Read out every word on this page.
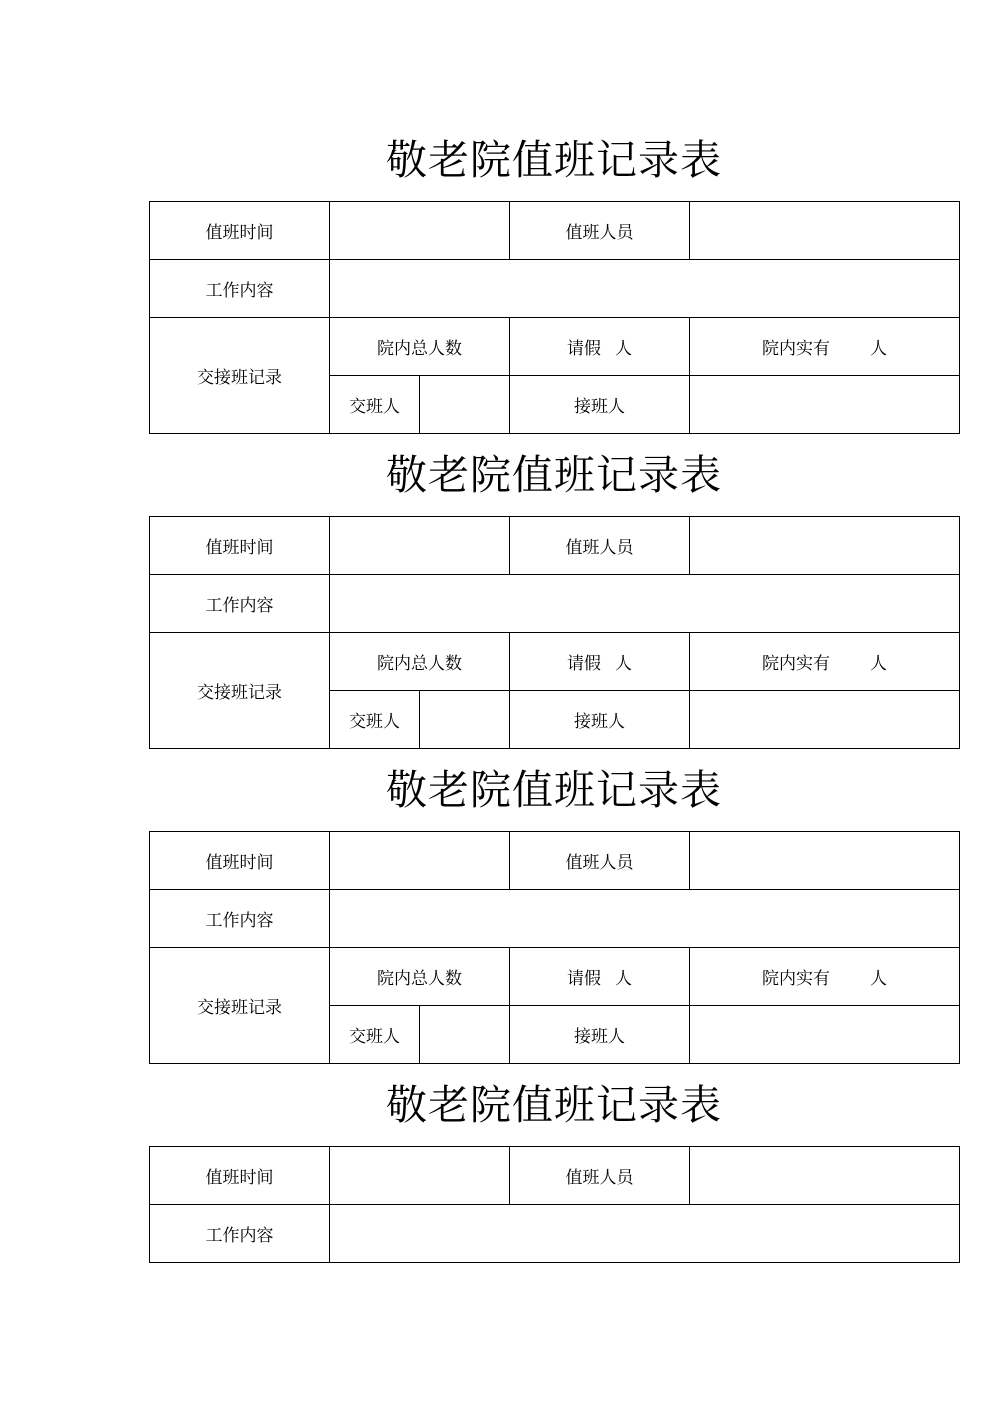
敬老院值班记录表
值班时间			值班人员	
工作内容				
交接班记录	院内总人数		请假 人	院内实有 人
	交班人		接班人	
敬老院值班记录表
值班时间			值班人员	
工作内容				
交接班记录	院内总人数		请假 人	院内实有 人
	交班人		接班人	
敬老院值班记录表
值班时间			值班人员	
工作内容				
交接班记录	院内总人数		请假 人	院内实有 人
	交班人		接班人	
敬老院值班记录表
值班时间		值班人员	
工作内容			
